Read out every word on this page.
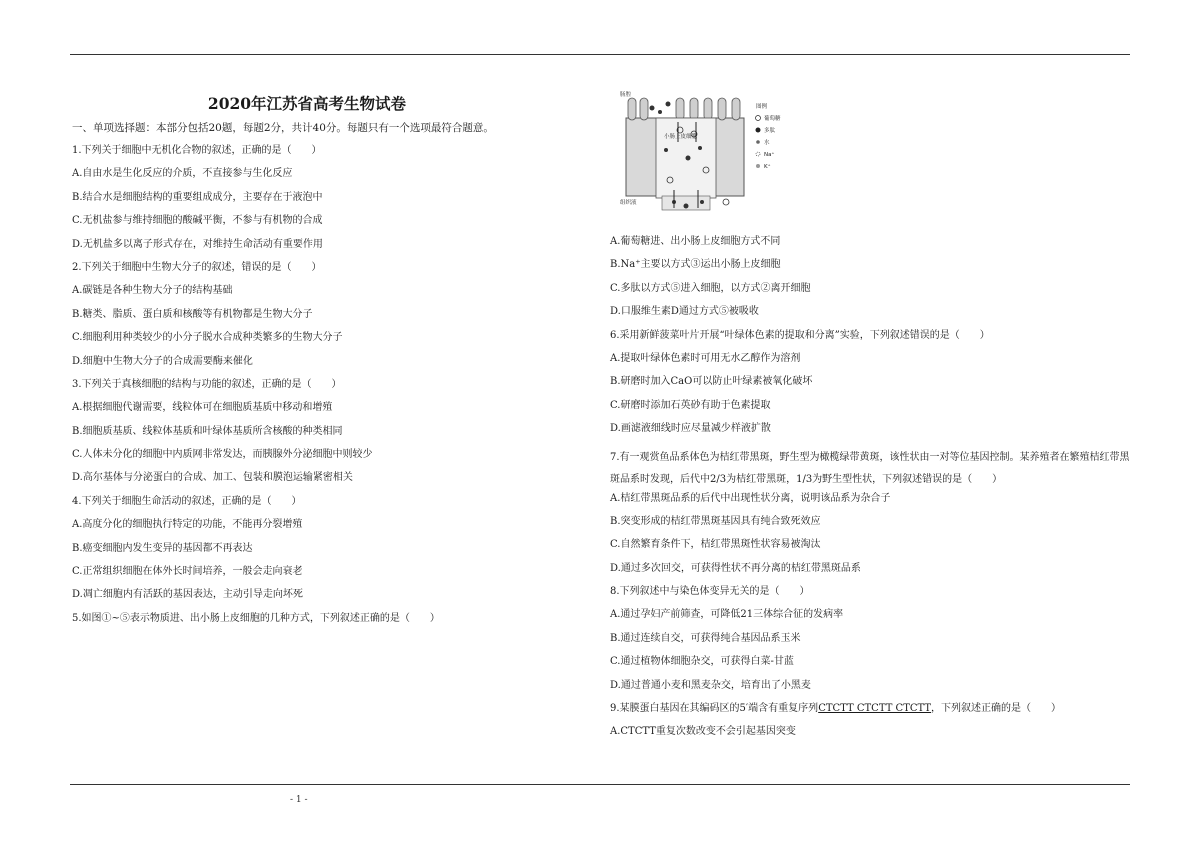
2020年江苏省高考生物试卷
一、单项选择题：本部分包括20题，每题2分，共计40分。每题只有一个选项最符合题意。
1.下列关于细胞中无机化合物的叙述，正确的是（　　）
A.自由水是生化反应的介质，不直接参与生化反应
B.结合水是细胞结构的重要组成成分，主要存在于液泡中
C.无机盐参与维持细胞的酸碱平衡，不参与有机物的合成
D.无机盐多以离子形式存在，对维持生命活动有重要作用
2.下列关于细胞中生物大分子的叙述，错误的是（　　）
A.碳链是各种生物大分子的结构基础
B.糖类、脂质、蛋白质和核酸等有机物都是生物大分子
C.细胞利用种类较少的小分子脱水合成种类繁多的生物大分子
D.细胞中生物大分子的合成需要酶来催化
3.下列关于真核细胞的结构与功能的叙述，正确的是（　　）
A.根据细胞代谢需要，线粒体可在细胞质基质中移动和增殖
B.细胞质基质、线粒体基质和叶绿体基质所含核酸的种类相同
C.人体未分化的细胞中内质网非常发达，而胰腺外分泌细胞中则较少
D.高尔基体与分泌蛋白的合成、加工、包装和膜泡运输紧密相关
4.下列关于细胞生命活动的叙述，正确的是（　　）
A.高度分化的细胞执行特定的功能，不能再分裂增殖
B.癌变细胞内发生变异的基因都不再表达
C.正常组织细胞在体外长时间培养，一般会走向衰老
D.凋亡细胞内有活跃的基因表达，主动引导走向坏死
5.如图①~⑤表示物质进、出小肠上皮细胞的几种方式，下列叙述正确的是（　　）
肠腔
小肠上皮细胞
组织液
图例
葡萄糖
多肽
水
Na⁺
K⁺
A.葡萄糖进、出小肠上皮细胞方式不同
B.Na⁺主要以方式③运出小肠上皮细胞
C.多肽以方式⑤进入细胞，以方式②离开细胞
D.口服维生素D通过方式⑤被吸收
6.采用新鲜菠菜叶片开展“叶绿体色素的提取和分离”实验，下列叙述错误的是（　　）
A.提取叶绿体色素时可用无水乙醇作为溶剂
B.研磨时加入CaO可以防止叶绿素被氧化破坏
C.研磨时添加石英砂有助于色素提取
D.画滤液细线时应尽量减少样液扩散
7.有一观赏鱼品系体色为桔红带黑斑，野生型为橄榄绿带黄斑，该性状由一对等位基因控制。某养殖者在繁殖桔红带黑斑品系时发现，后代中2/3为桔红带黑斑，1/3为野生型性状，下列叙述错误的是（　　）
A.桔红带黑斑品系的后代中出现性状分离，说明该品系为杂合子
B.突变形成的桔红带黑斑基因具有纯合致死效应
C.自然繁育条件下，桔红带黑斑性状容易被淘汰
D.通过多次回交，可获得性状不再分离的桔红带黑斑品系
8.下列叙述中与染色体变异无关的是（　　）
A.通过孕妇产前筛查，可降低21三体综合征的发病率
B.通过连续自交，可获得纯合基因品系玉米
C.通过植物体细胞杂交，可获得白菜-甘蓝
D.通过普通小麦和黑麦杂交，培育出了小黑麦
9.某膜蛋白基因在其编码区的5′端含有重复序列CTCTT CTCTT CTCTT，下列叙述正确的是（　　）
A.CTCTT重复次数改变不会引起基因突变
- 1 -
